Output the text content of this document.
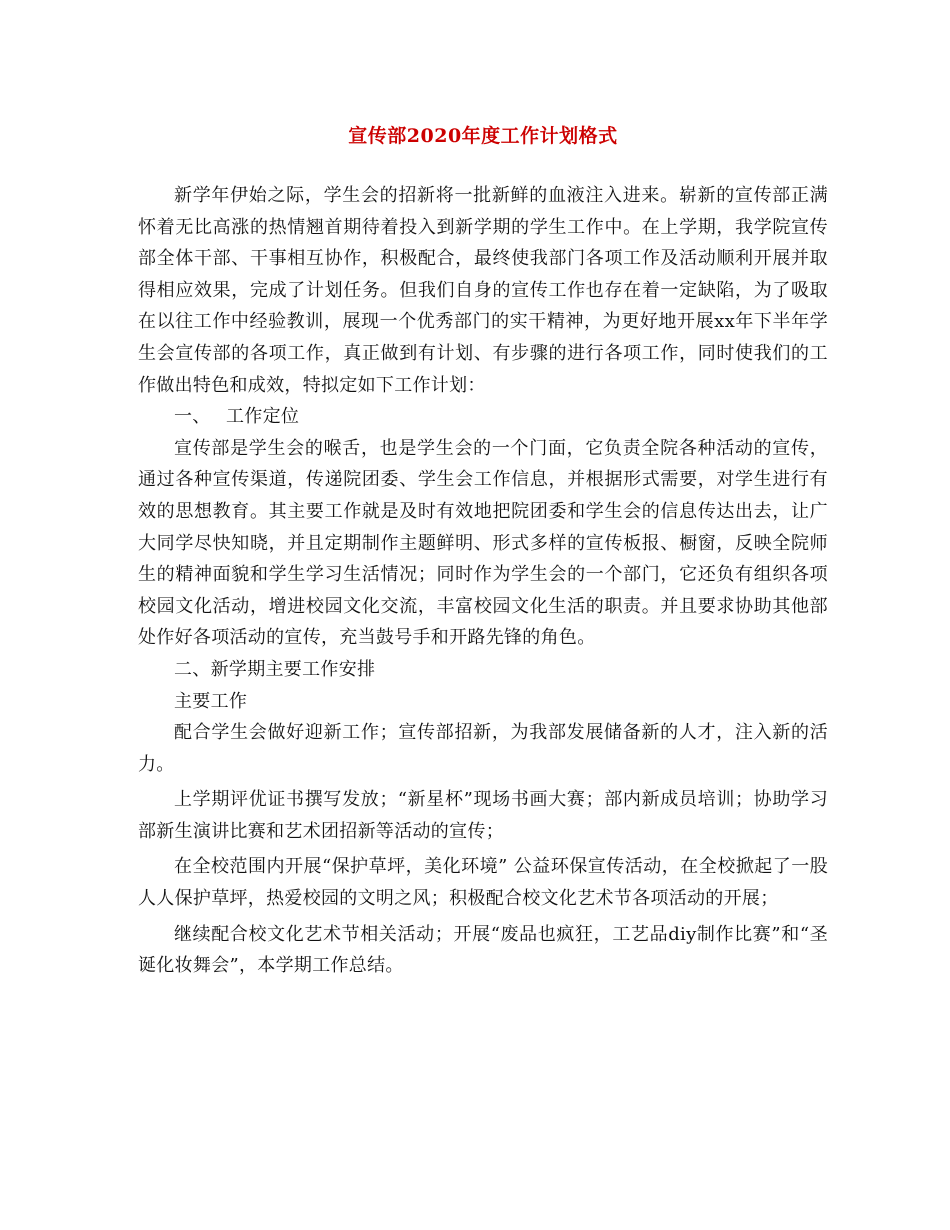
宣传部2020年度工作计划格式

新学年伊始之际，学生会的招新将一批新鲜的血液注入进来。崭新的宣传部正满怀着无比高涨的热情翘首期待着投入到新学期的学生工作中。在上学期，我学院宣传部全体干部、干事相互协作，积极配合，最终使我部门各项工作及活动顺利开展并取得相应效果，完成了计划任务。但我们自身的宣传工作也存在着一定缺陷，为了吸取在以往工作中经验教训，展现一个优秀部门的实干精神，为更好地开展xx年下半年学生会宣传部的各项工作，真正做到有计划、有步骤的进行各项工作，同时使我们的工作做出特色和成效，特拟定如下工作计划：

一、 工作定位

宣传部是学生会的喉舌，也是学生会的一个门面，它负责全院各种活动的宣传，通过各种宣传渠道，传递院团委、学生会工作信息，并根据形式需要，对学生进行有效的思想教育。其主要工作就是及时有效地把院团委和学生会的信息传达出去，让广大同学尽快知晓，并且定期制作主题鲜明、形式多样的宣传板报、橱窗，反映全院师生的精神面貌和学生学习生活情况；同时作为学生会的一个部门，它还负有组织各项校园文化活动，增进校园文化交流，丰富校园文化生活的职责。并且要求协助其他部处作好各项活动的宣传，充当鼓号手和开路先锋的角色。

二、新学期主要工作安排

主要工作

配合学生会做好迎新工作；宣传部招新，为我部发展储备新的人才，注入新的活力。

上学期评优证书撰写发放；“新星杯”现场书画大赛；部内新成员培训；协助学习部新生演讲比赛和艺术团招新等活动的宣传；

在全校范围内开展“保护草坪，美化环境” 公益环保宣传活动，在全校掀起了一股人人保护草坪，热爱校园的文明之风；积极配合校文化艺术节各项活动的开展；

继续配合校文化艺术节相关活动；开展“废品也疯狂，工艺品diy制作比赛”和“圣诞化妆舞会”，本学期工作总结。
